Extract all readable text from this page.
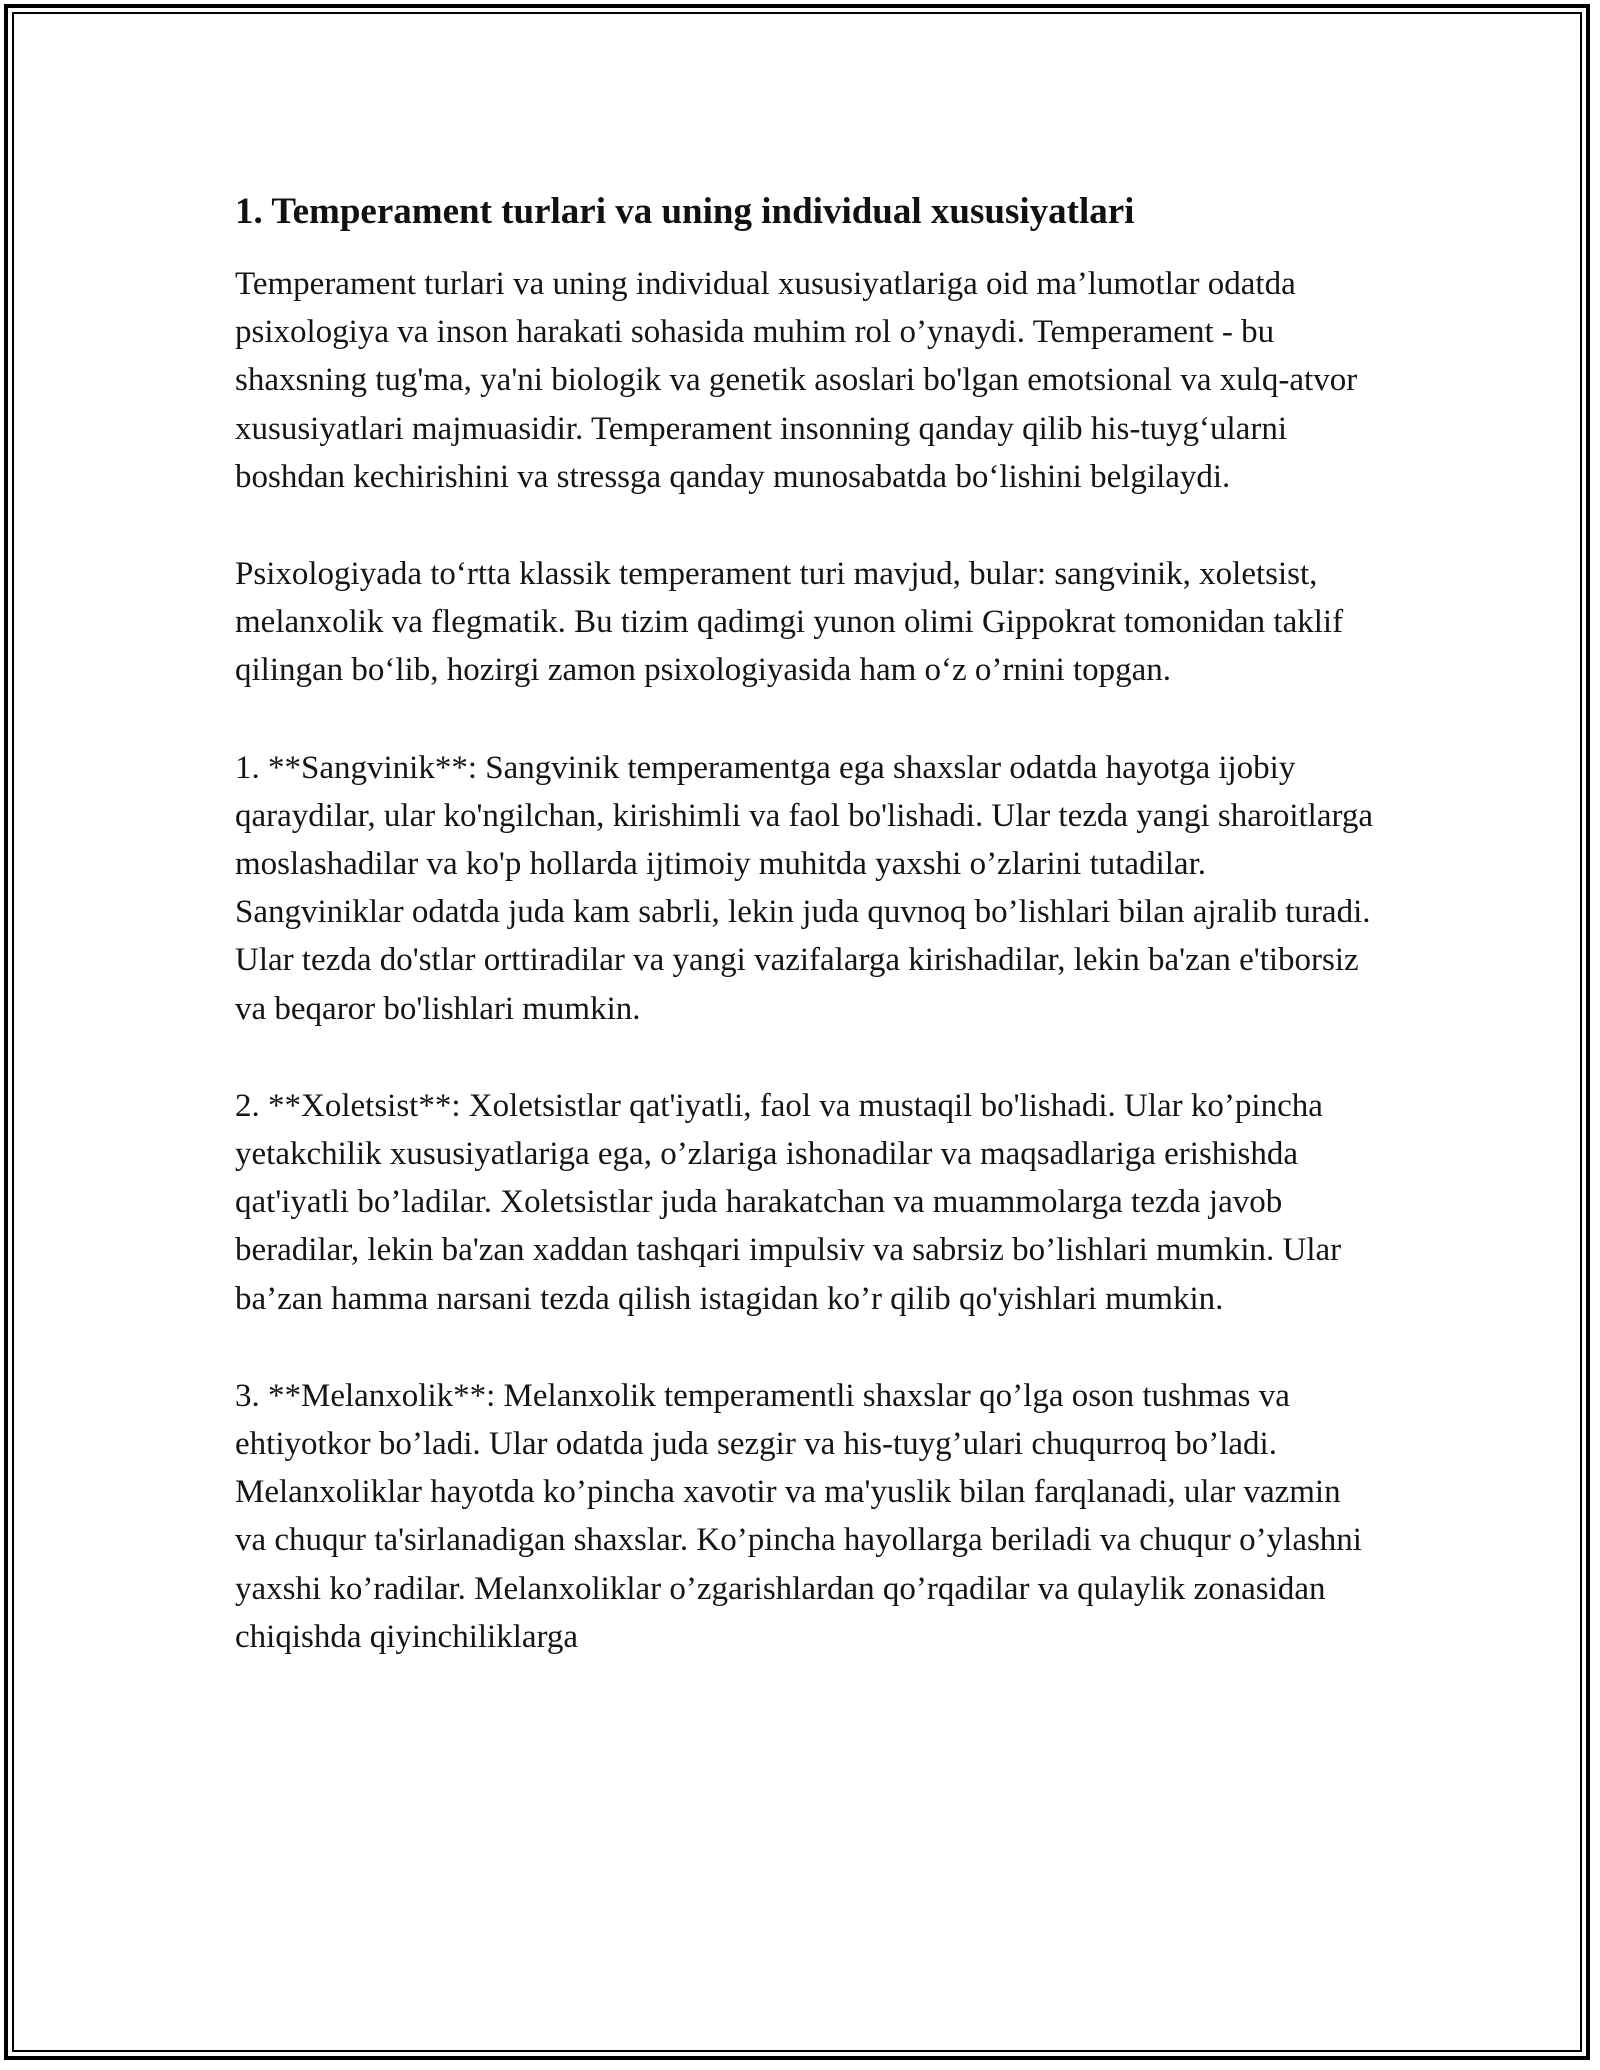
1. Temperament turlari va uning individual xususiyatlari

Temperament turlari va uning individual xususiyatlariga oid ma’lumotlar odatda psixologiya va inson harakati sohasida muhim rol o’ynaydi. Temperament - bu shaxsning tug'ma, ya'ni biologik va genetik asoslari bo'lgan emotsional va xulq-atvor xususiyatlari majmuasidir. Temperament insonning qanday qilib his-tuyg‘ularni boshdan kechirishini va stressga qanday munosabatda bo‘lishini belgilaydi.

Psixologiyada to‘rtta klassik temperament turi mavjud, bular: sangvinik, xoletsist, melanxolik va flegmatik. Bu tizim qadimgi yunon olimi Gippokrat tomonidan taklif qilingan bo‘lib, hozirgi zamon psixologiyasida ham o‘z o’rnini topgan.

1. **Sangvinik**: Sangvinik temperamentga ega shaxslar odatda hayotga ijobiy qaraydilar, ular ko'ngilchan, kirishimli va faol bo'lishadi. Ular tezda yangi sharoitlarga moslashadilar va ko'p hollarda ijtimoiy muhitda yaxshi o’zlarini tutadilar. Sangviniklar odatda juda kam sabrli, lekin juda quvnoq bo’lishlari bilan ajralib turadi. Ular tezda do'stlar orttiradilar va yangi vazifalarga kirishadilar, lekin ba'zan e'tiborsiz va beqaror bo'lishlari mumkin.

2. **Xoletsist**: Xoletsistlar qat'iyatli, faol va mustaqil bo'lishadi. Ular ko’pincha yetakchilik xususiyatlariga ega, o’zlariga ishonadilar va maqsadlariga erishishda qat'iyatli bo’ladilar. Xoletsistlar juda harakatchan va muammolarga tezda javob beradilar, lekin ba'zan xaddan tashqari impulsiv va sabrsiz bo’lishlari mumkin. Ular ba’zan hamma narsani tezda qilish istagidan ko’r qilib qo'yishlari mumkin.

3. **Melanxolik**: Melanxolik temperamentli shaxslar qo’lga oson tushmas va ehtiyotkor bo’ladi. Ular odatda juda sezgir va his-tuyg’ulari chuqurroq bo’ladi. Melanxoliklar hayotda ko’pincha xavotir va ma'yuslik bilan farqlanadi, ular vazmin va chuqur ta'sirlanadigan shaxslar. Ko’pincha hayollarga beriladi va chuqur o’ylashni yaxshi ko’radilar. Melanxoliklar o’zgarishlardan qo’rqadilar va qulaylik zonasidan chiqishda qiyinchiliklarga
